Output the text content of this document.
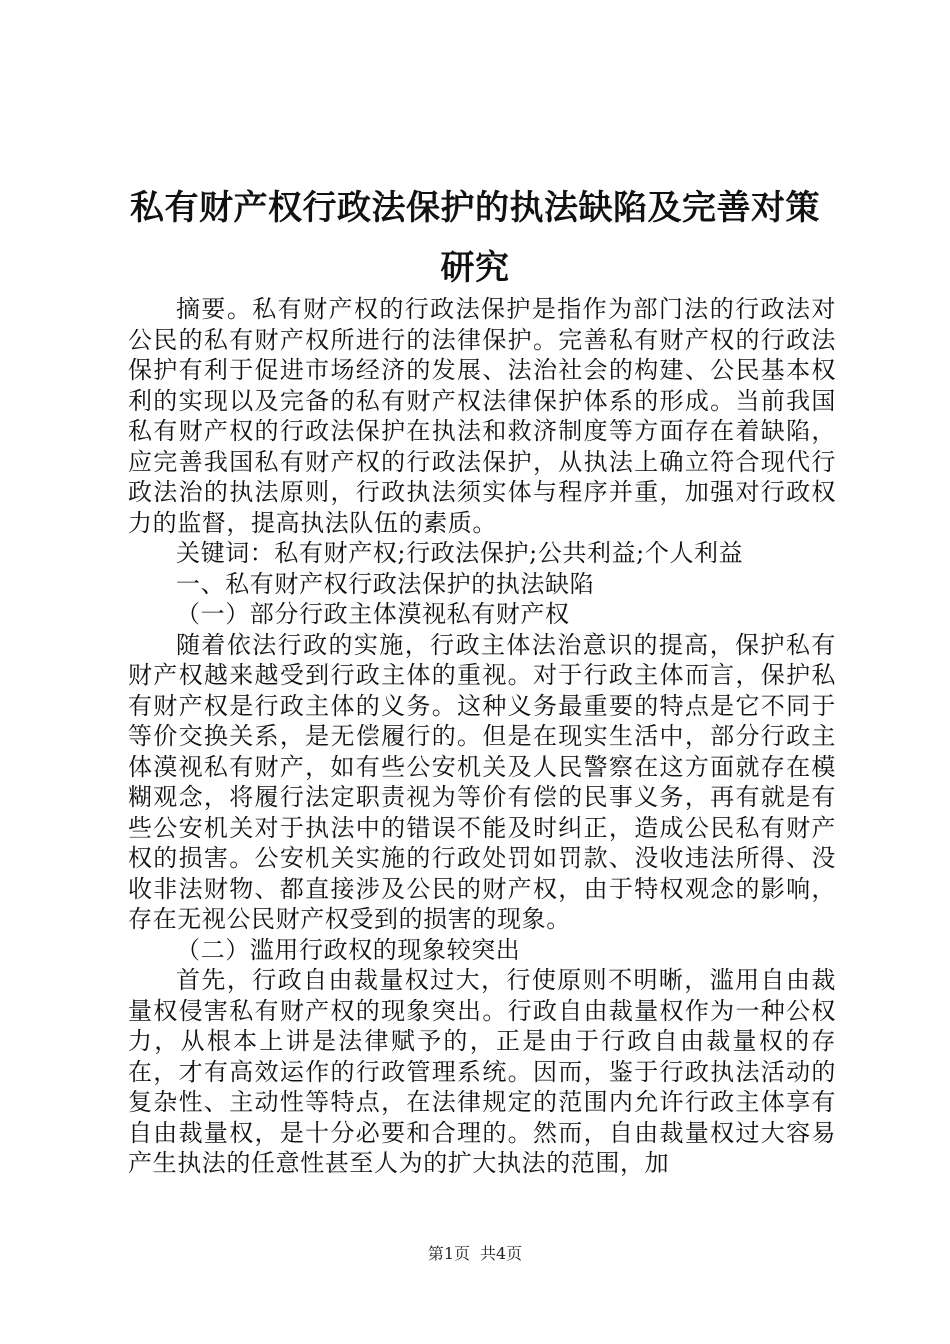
私有财产权行政法保护的执法缺陷及完善对策

研究

摘要。私有财产权的行政法保护是指作为部门法的行政法对公民的私有财产权所进行的法律保护。完善私有财产权的行政法保护有利于促进市场经济的发展、法治社会的构建、公民基本权利的实现以及完备的私有财产权法律保护体系的形成。当前我国私有财产权的行政法保护在执法和救济制度等方面存在着缺陷，应完善我国私有财产权的行政法保护，从执法上确立符合现代行政法治的执法原则，行政执法须实体与程序并重，加强对行政权力的监督，提高执法队伍的素质。

关键词：私有财产权;行政法保护;公共利益;个人利益

一、私有财产权行政法保护的执法缺陷

（一）部分行政主体漠视私有财产权

随着依法行政的实施，行政主体法治意识的提高，保护私有财产权越来越受到行政主体的重视。对于行政主体而言，保护私有财产权是行政主体的义务。这种义务最重要的特点是它不同于等价交换关系，是无偿履行的。但是在现实生活中，部分行政主体漠视私有财产，如有些公安机关及人民警察在这方面就存在模糊观念，将履行法定职责视为等价有偿的民事义务，再有就是有些公安机关对于执法中的错误不能及时纠正，造成公民私有财产权的损害。公安机关实施的行政处罚如罚款、没收违法所得、没收非法财物、都直接涉及公民的财产权，由于特权观念的影响，存在无视公民财产权受到的损害的现象。

（二）滥用行政权的现象较突出

首先，行政自由裁量权过大，行使原则不明晰，滥用自由裁量权侵害私有财产权的现象突出。行政自由裁量权作为一种公权力，从根本上讲是法律赋予的，正是由于行政自由裁量权的存在，才有高效运作的行政管理系统。因而，鉴于行政执法活动的复杂性、主动性等特点，在法律规定的范围内允许行政主体享有自由裁量权，是十分必要和合理的。然而，自由裁量权过大容易产生执法的任意性甚至人为的扩大执法的范围，加

第1页 共4页
